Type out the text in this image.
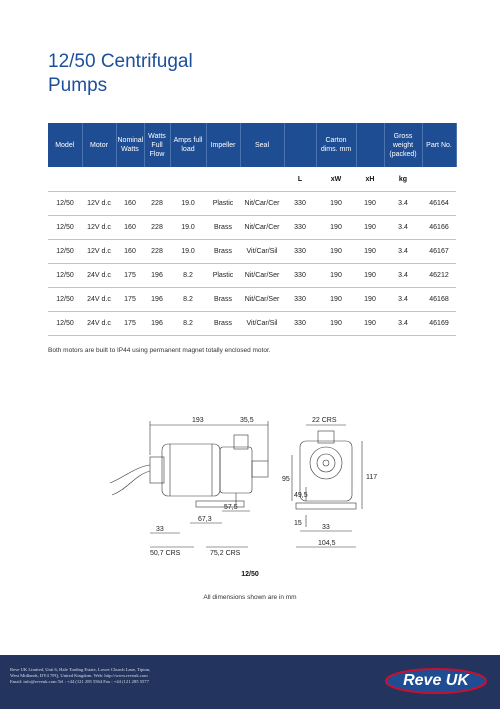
12/50 Centrifugal
Pumps
Model	Motor	Nominal Watts	Watts Full Flow	Amps full load	Impeller	Seal		Carton dims. mm		Gross weight (packed)	Part No.
							L	xW	xH	kg	
12/50	12V d.c	160	228	19.0	Plastic	Nit/Car/Cer	330	190	190	3.4	46164
12/50	12V d.c	160	228	19.0	Brass	Nit/Car/Cer	330	190	190	3.4	46166
12/50	12V d.c	160	228	19.0	Brass	Vit/Car/Sil	330	190	190	3.4	46167
12/50	24V d.c	175	196	8.2	Plastic	Nit/Car/Ser	330	190	190	3.4	46212
12/50	24V d.c	175	196	8.2	Brass	Nit/Car/Ser	330	190	190	3.4	46168
12/50	24V d.c	175	196	8.2	Brass	Vit/Car/Sil	330	190	190	3.4	46169
Both motors are built to IP44 using permanent magnet totally enclosed motor.
193	35,5	22 CRS
117
95
49,5
15
57,5
67,3
33
50,7 CRS	75,2 CRS
33
104,5
12/50
All dimensions shown are in mm
Reve UK Limited, Unit 6, Hale Trading Estate, Lower Church Lane, Tipton,
West Midlands, DY4 7PQ, United Kingdom. Web: http://www.reveuk.com
Email: info@reveuk.com Tel : +44 (121 285 5564 Fax : +44 (121 285 5577	Reve UK
